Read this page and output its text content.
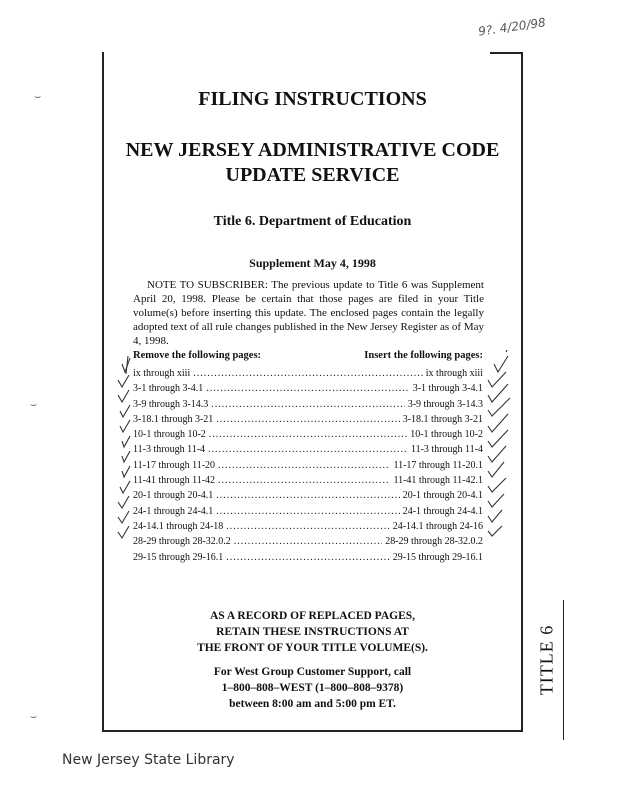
9?. 4/20/98
⌣
⌣
⌣
FILING INSTRUCTIONS
NEW JERSEY ADMINISTRATIVE CODE
UPDATE SERVICE
Title 6. Department of Education
Supplement May 4, 1998
NOTE TO SUBSCRIBER: The previous update to Title 6 was Supplement April 20, 1998. Please be certain that those pages are filed in your Title volume(s) before inserting this update. The enclosed pages contain the legally adopted text of all rule changes published in the New Jersey Register as of May 4, 1998.
Remove the following pages:	Insert the following pages:
ix through xiii .....	ix through xiii
3-1 through 3-4.1 .....	3-1 through 3-4.1
3-9 through 3-14.3 .....	3-9 through 3-14.3
3-18.1 through 3-21 .....	3-18.1 through 3-21
10-1 through 10-2 .....	10-1 through 10-2
11-3 through 11-4 .....	11-3 through 11-4
11-17 through 11-20 .....	11-17 through 11-20.1
11-41 through 11-42 .....	11-41 through 11-42.1
20-1 through 20-4.1 .....	20-1 through 20-4.1
24-1 through 24-4.1 .....	24-1 through 24-4.1
24-14.1 through 24-18 .....	24-14.1 through 24-16
28-29 through 28-32.0.2 .....	28-29 through 28-32.0.2
29-15 through 29-16.1 .....	29-15 through 29-16.1
AS A RECORD OF REPLACED PAGES,
RETAIN THESE INSTRUCTIONS AT
THE FRONT OF YOUR TITLE VOLUME(S).
For West Group Customer Support, call
1–800–808–WEST (1–800–808–9378)
between 8:00 am and 5:00 pm ET.
TITLE 6
New Jersey State Library
